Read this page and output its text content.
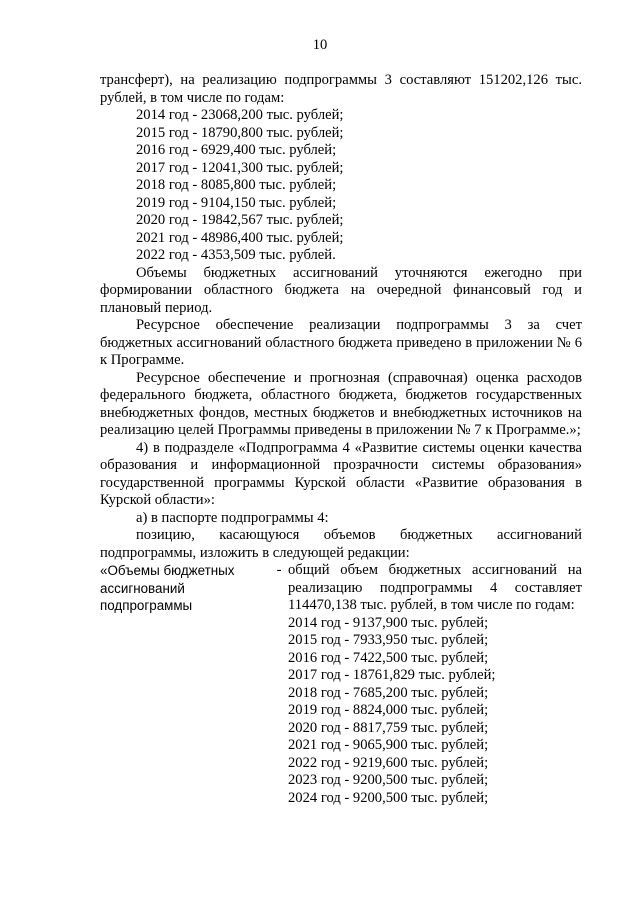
10

трансферт), на реализацию подпрограммы 3 составляют 151202,126 тыс.

рублей, в том числе по годам:

2014 год - 23068,200 тыс. рублей;

2015 год - 18790,800 тыс. рублей;

2016 год - 6929,400 тыс. рублей;

2017 год - 12041,300 тыс. рублей;

2018 год - 8085,800 тыс. рублей;

2019 год - 9104,150 тыс. рублей;

2020 год - 19842,567 тыс. рублей;

2021 год - 48986,400 тыс. рублей;

2022 год - 4353,509 тыс. рублей.

Объемы бюджетных ассигнований уточняются ежегодно при формировании областного бюджета на очередной финансовый год и плановый период.

Ресурсное обеспечение реализации подпрограммы 3 за счет бюджетных ассигнований областного бюджета приведено в приложении № 6 к Программе.

Ресурсное обеспечение и прогнозная (справочная) оценка расходов федерального бюджета, областного бюджета, бюджетов государственных внебюджетных фондов, местных бюджетов и внебюджетных источников на реализацию целей Программы приведены в приложении № 7 к Программе.»;

4) в подразделе «Подпрограмма 4 «Развитие системы оценки качества образования и информационной прозрачности системы образования» государственной программы Курской области «Развитие образования в Курской области»:

а) в паспорте подпрограммы 4:

позицию, касающуюся объемов бюджетных ассигнований подпрограммы, изложить в следующей редакции:

«Объемы бюджетных ассигнований подпрограммы
- общий объем бюджетных ассигнований на реализацию подпрограммы 4 составляет 114470,138 тыс. рублей, в том числе по годам:

2014 год - 9137,900 тыс. рублей;

2015 год - 7933,950 тыс. рублей;

2016 год - 7422,500 тыс. рублей;

2017 год - 18761,829 тыс. рублей;

2018 год - 7685,200 тыс. рублей;

2019 год - 8824,000 тыс. рублей;

2020 год - 8817,759 тыс. рублей;

2021 год - 9065,900 тыс. рублей;

2022 год - 9219,600 тыс. рублей;

2023 год - 9200,500 тыс. рублей;

2024 год - 9200,500 тыс. рублей;
